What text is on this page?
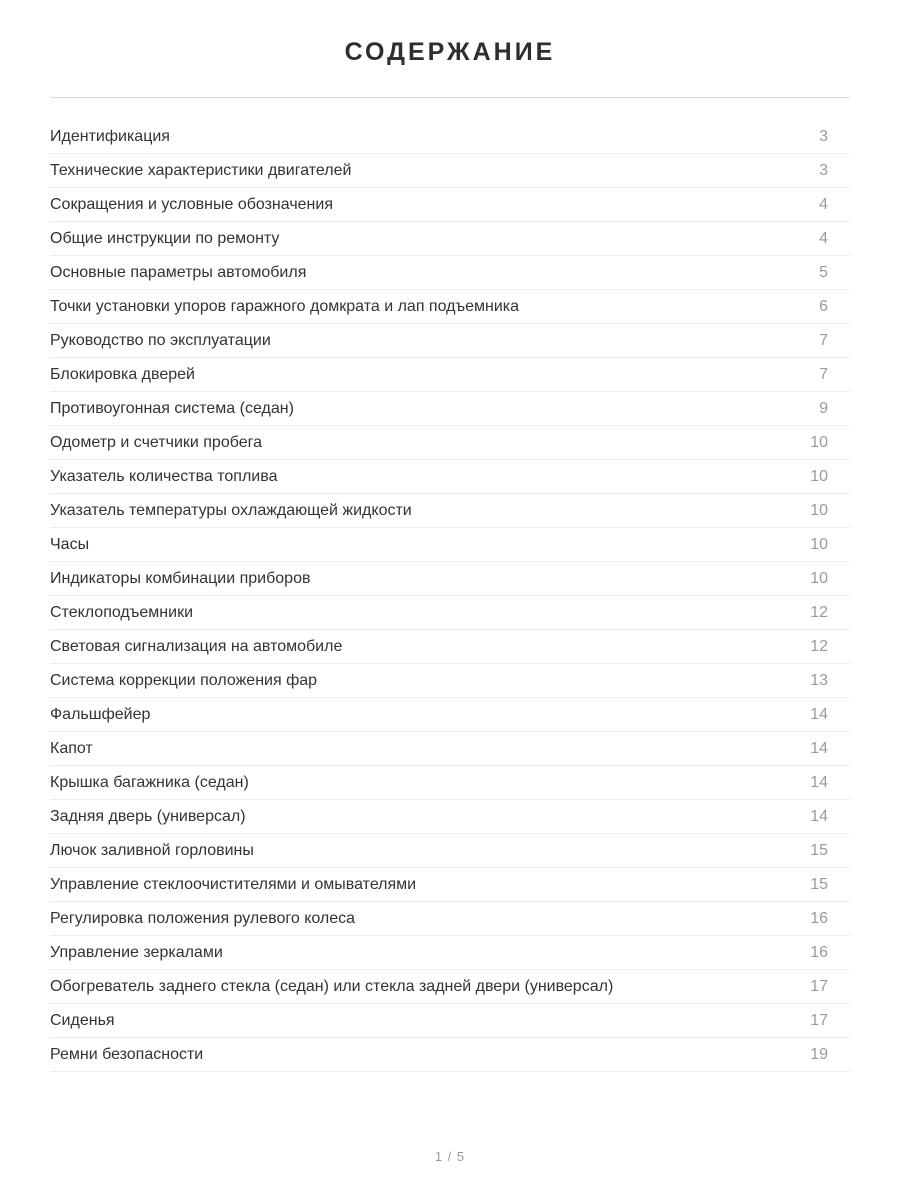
СОДЕРЖАНИЕ
Идентификация	3
Технические характеристики двигателей	3
Сокращения и условные обозначения	4
Общие инструкции по ремонту	4
Основные параметры автомобиля	5
Точки установки упоров гаражного домкрата и лап подъемника	6
Руководство по эксплуатации	7
Блокировка дверей	7
Противоугонная система (седан)	9
Одометр и счетчики пробега	10
Указатель количества топлива	10
Указатель температуры охлаждающей жидкости	10
Часы	10
Индикаторы комбинации приборов	10
Стеклоподъемники	12
Световая сигнализация на автомобиле	12
Система коррекции положения фар	13
Фальшфейер	14
Капот	14
Крышка багажника (седан)	14
Задняя дверь (универсал)	14
Лючок заливной горловины	15
Управление стеклоочистителями и омывателями	15
Регулировка положения рулевого колеса	16
Управление зеркалами	16
Обогреватель заднего стекла (седан) или стекла задней двери (универсал)	17
Сиденья	17
Ремни безопасности	19
1 / 5
